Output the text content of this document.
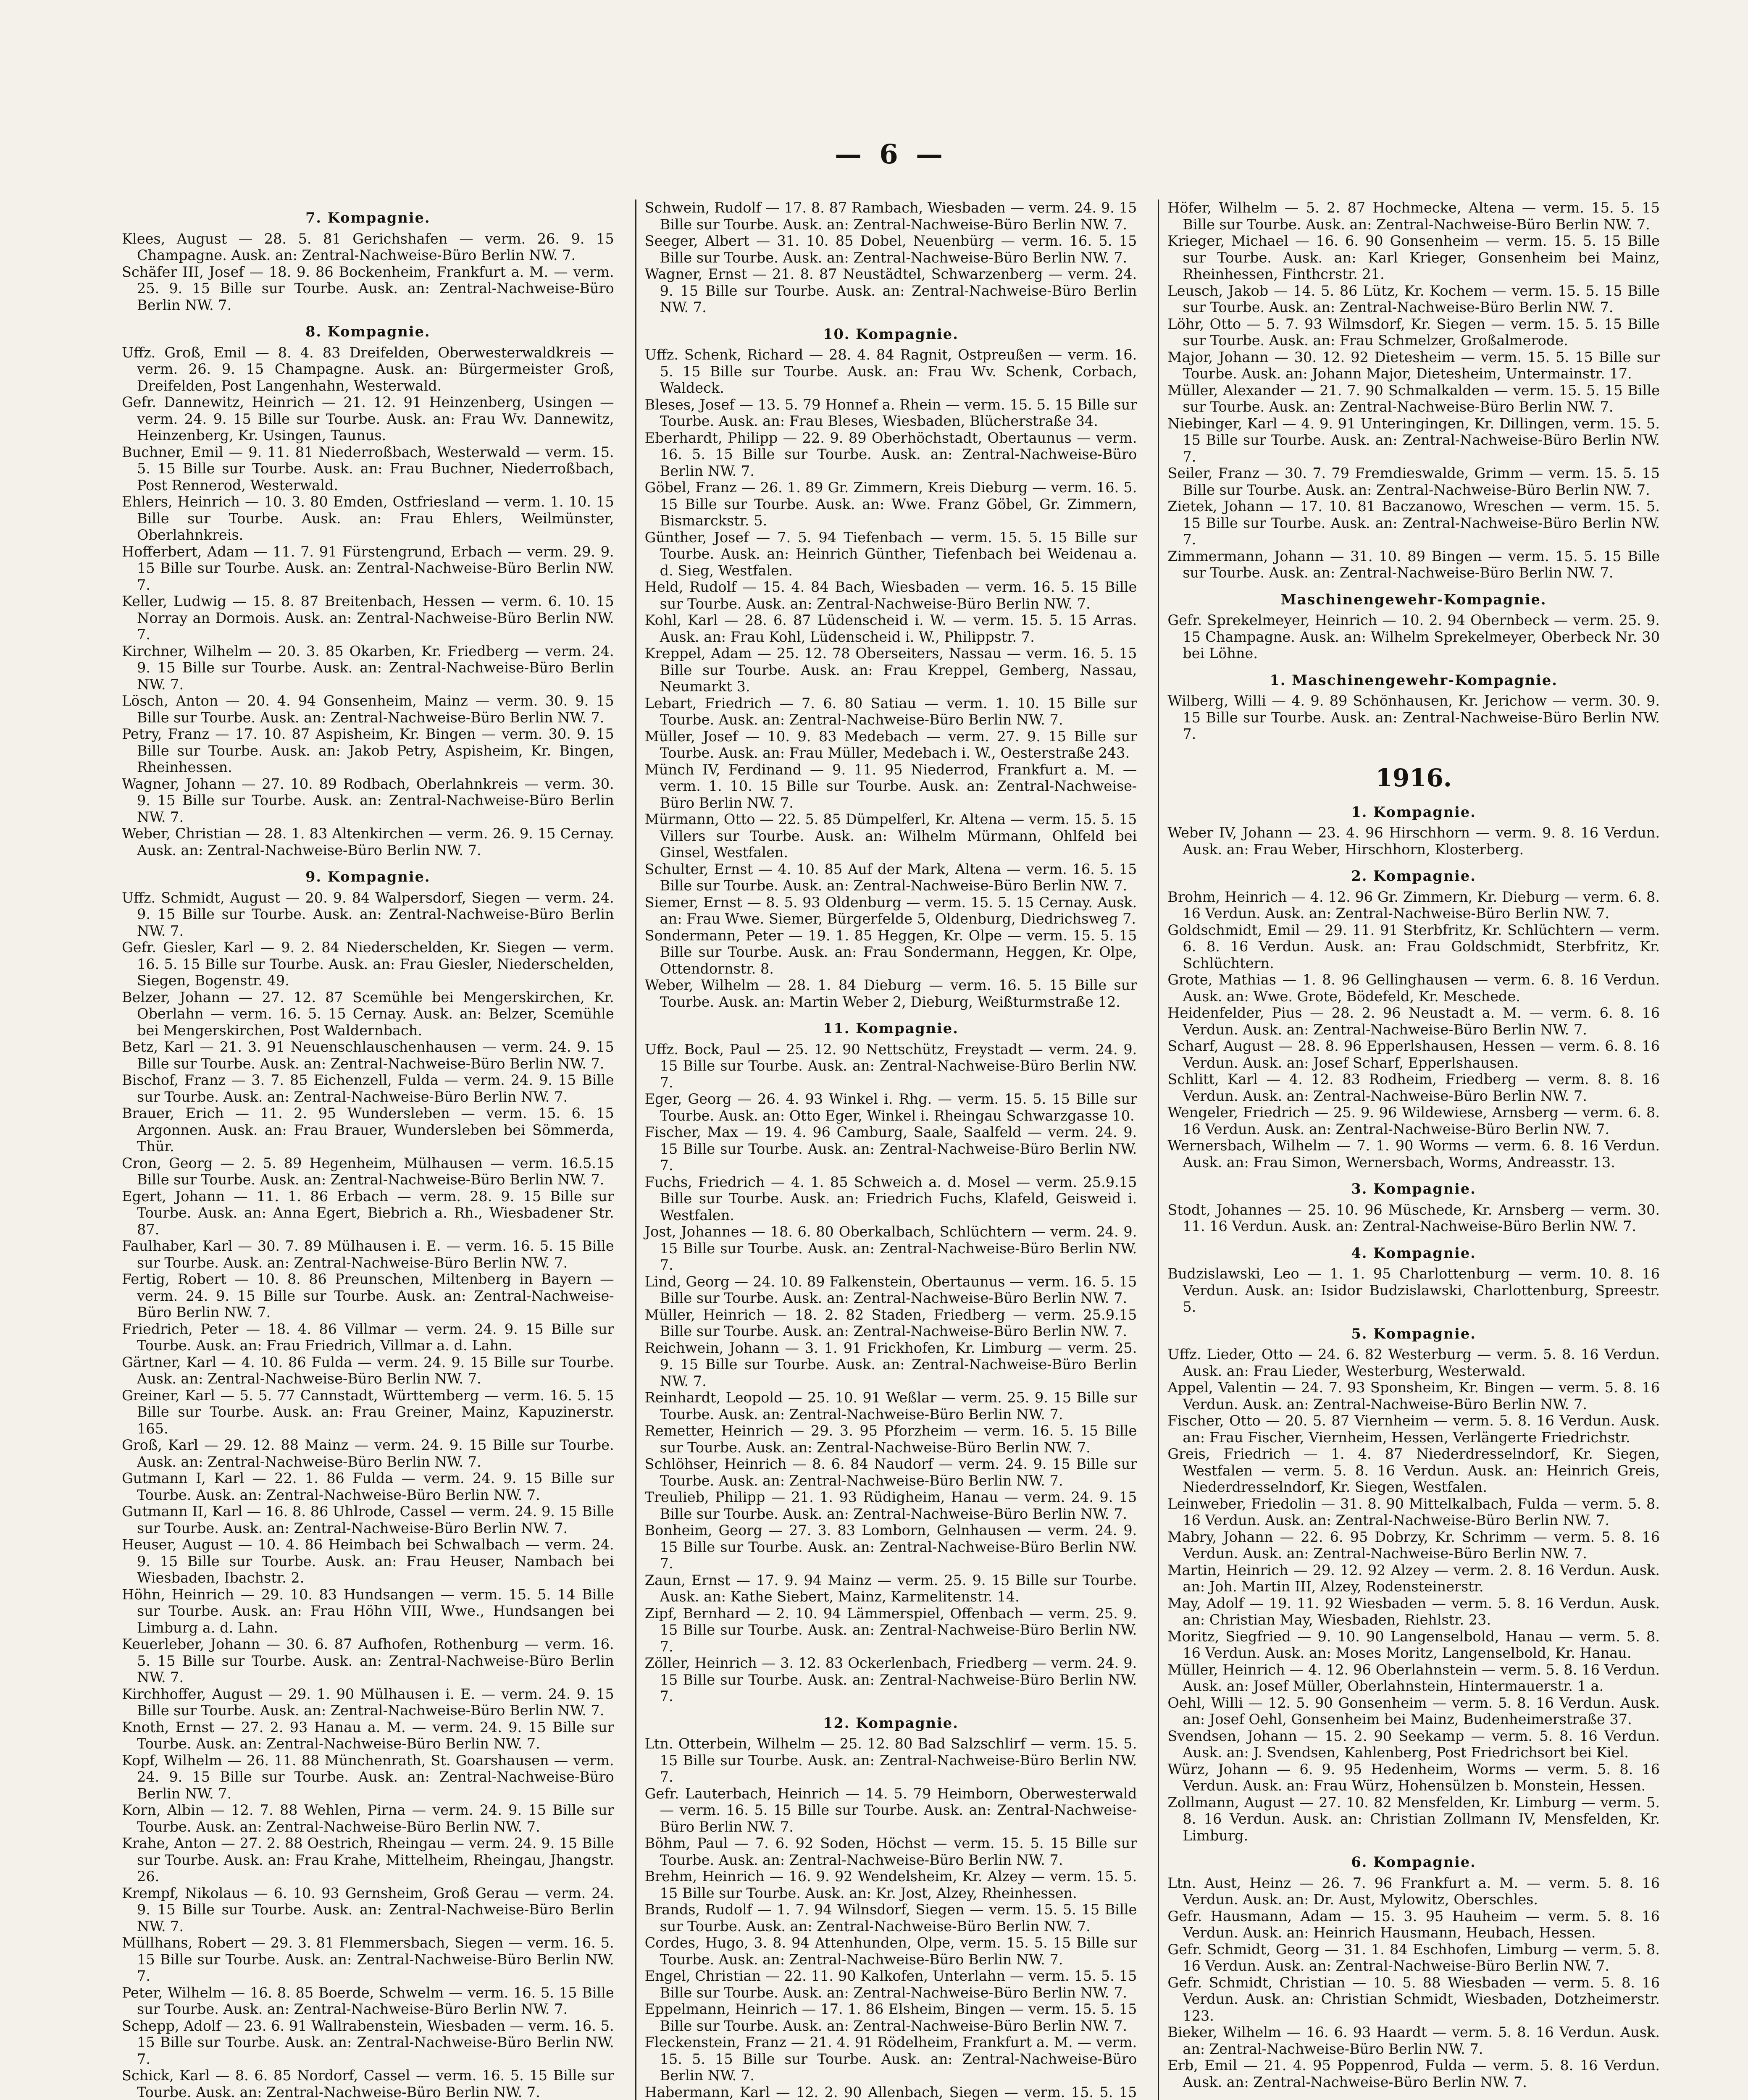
— 6 —

7. Kompagnie.

Klees, August — 28. 5. 81 Gerichshafen — verm. 26. 9. 15 Champagne. Ausk. an: Zentral-Nachweise-Büro Berlin NW. 7.

Schäfer III, Josef — 18. 9. 86 Bockenheim, Frankfurt a. M. — verm. 25. 9. 15 Bille sur Tourbe. Ausk. an: Zentral-Nachweise-Büro Berlin NW. 7.

8. Kompagnie.

Uffz. Groß, Emil — 8. 4. 83 Dreifelden, Oberwesterwaldkreis — verm. 26. 9. 15 Champagne. Ausk. an: Bürgermeister Groß, Dreifelden, Post Langenhahn, Westerwald.

Gefr. Dannewitz, Heinrich — 21. 12. 91 Heinzenberg, Usingen — verm. 24. 9. 15 Bille sur Tourbe. Ausk. an: Frau Wv. Dannewitz, Heinzenberg, Kr. Usingen, Taunus.

Buchner, Emil — 9. 11. 81 Niederroßbach, Westerwald — verm. 15. 5. 15 Bille sur Tourbe. Ausk. an: Frau Buchner, Niederroßbach, Post Rennerod, Westerwald.

Ehlers, Heinrich — 10. 3. 80 Emden, Ostfriesland — verm. 1. 10. 15 Bille sur Tourbe. Ausk. an: Frau Ehlers, Weilmünster, Oberlahnkreis.

Hofferbert, Adam — 11. 7. 91 Fürstengrund, Erbach — verm. 29. 9. 15 Bille sur Tourbe. Ausk. an: Zentral-Nachweise-Büro Berlin NW. 7.

Keller, Ludwig — 15. 8. 87 Breitenbach, Hessen — verm. 6. 10. 15 Norray an Dormois. Ausk. an: Zentral-Nachweise-Büro Berlin NW. 7.

Kirchner, Wilhelm — 20. 3. 85 Okarben, Kr. Friedberg — verm. 24. 9. 15 Bille sur Tourbe. Ausk. an: Zentral-Nachweise-Büro Berlin NW. 7.

Lösch, Anton — 20. 4. 94 Gonsenheim, Mainz — verm. 30. 9. 15 Bille sur Tourbe. Ausk. an: Zentral-Nachweise-Büro Berlin NW. 7.

Petry, Franz — 17. 10. 87 Aspisheim, Kr. Bingen — verm. 30. 9. 15 Bille sur Tourbe. Ausk. an: Jakob Petry, Aspisheim, Kr. Bingen, Rheinhessen.

Wagner, Johann — 27. 10. 89 Rodbach, Oberlahnkreis — verm. 30. 9. 15 Bille sur Tourbe. Ausk. an: Zentral-Nachweise-Büro Berlin NW. 7.

Weber, Christian — 28. 1. 83 Altenkirchen — verm. 26. 9. 15 Cernay. Ausk. an: Zentral-Nachweise-Büro Berlin NW. 7.

9. Kompagnie.

Uffz. Schmidt, August — 20. 9. 84 Walpersdorf, Siegen — verm. 24. 9. 15 Bille sur Tourbe. Ausk. an: Zentral-Nachweise-Büro Berlin NW. 7.

Gefr. Giesler, Karl — 9. 2. 84 Niederschelden, Kr. Siegen — verm. 16. 5. 15 Bille sur Tourbe. Ausk. an: Frau Giesler, Niederschelden, Siegen, Bogenstr. 49.

Belzer, Johann — 27. 12. 87 Scemühle bei Mengerskirchen, Kr. Oberlahn — verm. 16. 5. 15 Cernay. Ausk. an: Belzer, Scemühle bei Mengerskirchen, Post Waldernbach.

Betz, Karl — 21. 3. 91 Neuenschlauschenhausen — verm. 24. 9. 15 Bille sur Tourbe. Ausk. an: Zentral-Nachweise-Büro Berlin NW. 7.

Bischof, Franz — 3. 7. 85 Eichenzell, Fulda — verm. 24. 9. 15 Bille sur Tourbe. Ausk. an: Zentral-Nachweise-Büro Berlin NW. 7.

Brauer, Erich — 11. 2. 95 Wundersleben — verm. 15. 6. 15 Argonnen. Ausk. an: Frau Brauer, Wundersleben bei Sömmerda, Thür.

Cron, Georg — 2. 5. 89 Hegenheim, Mülhausen — verm. 16.5.15 Bille sur Tourbe. Ausk. an: Zentral-Nachweise-Büro Berlin NW. 7.

Egert, Johann — 11. 1. 86 Erbach — verm. 28. 9. 15 Bille sur Tourbe. Ausk. an: Anna Egert, Biebrich a. Rh., Wiesbadener Str. 87.

Faulhaber, Karl — 30. 7. 89 Mülhausen i. E. — verm. 16. 5. 15 Bille sur Tourbe. Ausk. an: Zentral-Nachweise-Büro Berlin NW. 7.

Fertig, Robert — 10. 8. 86 Preunschen, Miltenberg in Bayern — verm. 24. 9. 15 Bille sur Tourbe. Ausk. an: Zentral-Nachweise-Büro Berlin NW. 7.

Friedrich, Peter — 18. 4. 86 Villmar — verm. 24. 9. 15 Bille sur Tourbe. Ausk. an: Frau Friedrich, Villmar a. d. Lahn.

Gärtner, Karl — 4. 10. 86 Fulda — verm. 24. 9. 15 Bille sur Tourbe. Ausk. an: Zentral-Nachweise-Büro Berlin NW. 7.

Greiner, Karl — 5. 5. 77 Cannstadt, Württemberg — verm. 16. 5. 15 Bille sur Tourbe. Ausk. an: Frau Greiner, Mainz, Kapuzinerstr. 165.

Groß, Karl — 29. 12. 88 Mainz — verm. 24. 9. 15 Bille sur Tourbe. Ausk. an: Zentral-Nachweise-Büro Berlin NW. 7.

Gutmann I, Karl — 22. 1. 86 Fulda — verm. 24. 9. 15 Bille sur Tourbe. Ausk. an: Zentral-Nachweise-Büro Berlin NW. 7.

Gutmann II, Karl — 16. 8. 86 Uhlrode, Cassel — verm. 24. 9. 15 Bille sur Tourbe. Ausk. an: Zentral-Nachweise-Büro Berlin NW. 7.

Heuser, August — 10. 4. 86 Heimbach bei Schwalbach — verm. 24. 9. 15 Bille sur Tourbe. Ausk. an: Frau Heuser, Nambach bei Wiesbaden, Ibachstr. 2.

Höhn, Heinrich — 29. 10. 83 Hundsangen — verm. 15. 5. 14 Bille sur Tourbe. Ausk. an: Frau Höhn VIII, Wwe., Hundsangen bei Limburg a. d. Lahn.

Keuerleber, Johann — 30. 6. 87 Aufhofen, Rothenburg — verm. 16. 5. 15 Bille sur Tourbe. Ausk. an: Zentral-Nachweise-Büro Berlin NW. 7.

Kirchhoffer, August — 29. 1. 90 Mülhausen i. E. — verm. 24. 9. 15 Bille sur Tourbe. Ausk. an: Zentral-Nachweise-Büro Berlin NW. 7.

Knoth, Ernst — 27. 2. 93 Hanau a. M. — verm. 24. 9. 15 Bille sur Tourbe. Ausk. an: Zentral-Nachweise-Büro Berlin NW. 7.

Kopf, Wilhelm — 26. 11. 88 Münchenrath, St. Goarshausen — verm. 24. 9. 15 Bille sur Tourbe. Ausk. an: Zentral-Nachweise-Büro Berlin NW. 7.

Korn, Albin — 12. 7. 88 Wehlen, Pirna — verm. 24. 9. 15 Bille sur Tourbe. Ausk. an: Zentral-Nachweise-Büro Berlin NW. 7.

Krahe, Anton — 27. 2. 88 Oestrich, Rheingau — verm. 24. 9. 15 Bille sur Tourbe. Ausk. an: Frau Krahe, Mittelheim, Rheingau, Jhangstr. 26.

Krempf, Nikolaus — 6. 10. 93 Gernsheim, Groß Gerau — verm. 24. 9. 15 Bille sur Tourbe. Ausk. an: Zentral-Nachweise-Büro Berlin NW. 7.

Müllhans, Robert — 29. 3. 81 Flemmersbach, Siegen — verm. 16. 5. 15 Bille sur Tourbe. Ausk. an: Zentral-Nachweise-Büro Berlin NW. 7.

Peter, Wilhelm — 16. 8. 85 Boerde, Schwelm — verm. 16. 5. 15 Bille sur Tourbe. Ausk. an: Zentral-Nachweise-Büro Berlin NW. 7.

Schepp, Adolf — 23. 6. 91 Wallrabenstein, Wiesbaden — verm. 16. 5. 15 Bille sur Tourbe. Ausk. an: Zentral-Nachweise-Büro Berlin NW. 7.

Schick, Karl — 8. 6. 85 Nordorf, Cassel — verm. 16. 5. 15 Bille sur Tourbe. Ausk. an: Zentral-Nachweise-Büro Berlin NW. 7.

Schwein, Rudolf — 17. 8. 87 Rambach, Wiesbaden — verm. 24. 9. 15 Bille sur Tourbe. Ausk. an: Zentral-Nachweise-Büro Berlin NW. 7.

Seeger, Albert — 31. 10. 85 Dobel, Neuenbürg — verm. 16. 5. 15 Bille sur Tourbe. Ausk. an: Zentral-Nachweise-Büro Berlin NW. 7.

Wagner, Ernst — 21. 8. 87 Neustädtel, Schwarzenberg — verm. 24. 9. 15 Bille sur Tourbe. Ausk. an: Zentral-Nachweise-Büro Berlin NW. 7.

10. Kompagnie.

Uffz. Schenk, Richard — 28. 4. 84 Ragnit, Ostpreußen — verm. 16. 5. 15 Bille sur Tourbe. Ausk. an: Frau Wv. Schenk, Corbach, Waldeck.

Bleses, Josef — 13. 5. 79 Honnef a. Rhein — verm. 15. 5. 15 Bille sur Tourbe. Ausk. an: Frau Bleses, Wiesbaden, Blücherstraße 34.

Eberhardt, Philipp — 22. 9. 89 Oberhöchstadt, Obertaunus — verm. 16. 5. 15 Bille sur Tourbe. Ausk. an: Zentral-Nachweise-Büro Berlin NW. 7.

Göbel, Franz — 26. 1. 89 Gr. Zimmern, Kreis Dieburg — verm. 16. 5. 15 Bille sur Tourbe. Ausk. an: Wwe. Franz Göbel, Gr. Zimmern, Bismarckstr. 5.

Günther, Josef — 7. 5. 94 Tiefenbach — verm. 15. 5. 15 Bille sur Tourbe. Ausk. an: Heinrich Günther, Tiefenbach bei Weidenau a. d. Sieg, Westfalen.

Held, Rudolf — 15. 4. 84 Bach, Wiesbaden — verm. 16. 5. 15 Bille sur Tourbe. Ausk. an: Zentral-Nachweise-Büro Berlin NW. 7.

Kohl, Karl — 28. 6. 87 Lüdenscheid i. W. — verm. 15. 5. 15 Arras. Ausk. an: Frau Kohl, Lüdenscheid i. W., Philippstr. 7.

Kreppel, Adam — 25. 12. 78 Oberseiters, Nassau — verm. 16. 5. 15 Bille sur Tourbe. Ausk. an: Frau Kreppel, Gemberg, Nassau, Neumarkt 3.

Lebart, Friedrich — 7. 6. 80 Satiau — verm. 1. 10. 15 Bille sur Tourbe. Ausk. an: Zentral-Nachweise-Büro Berlin NW. 7.

Müller, Josef — 10. 9. 83 Medebach — verm. 27. 9. 15 Bille sur Tourbe. Ausk. an: Frau Müller, Medebach i. W., Oesterstraße 243.

Münch IV, Ferdinand — 9. 11. 95 Niederrod, Frankfurt a. M. — verm. 1. 10. 15 Bille sur Tourbe. Ausk. an: Zentral-Nachweise-Büro Berlin NW. 7.

Mürmann, Otto — 22. 5. 85 Dümpelferl, Kr. Altena — verm. 15. 5. 15 Villers sur Tourbe. Ausk. an: Wilhelm Mürmann, Ohlfeld bei Ginsel, Westfalen.

Schulter, Ernst — 4. 10. 85 Auf der Mark, Altena — verm. 16. 5. 15 Bille sur Tourbe. Ausk. an: Zentral-Nachweise-Büro Berlin NW. 7.

Siemer, Ernst — 8. 5. 93 Oldenburg — verm. 15. 5. 15 Cernay. Ausk. an: Frau Wwe. Siemer, Bürgerfelde 5, Oldenburg, Diedrichsweg 7.

Sondermann, Peter — 19. 1. 85 Heggen, Kr. Olpe — verm. 15. 5. 15 Bille sur Tourbe. Ausk. an: Frau Sondermann, Heggen, Kr. Olpe, Ottendornstr. 8.

Weber, Wilhelm — 28. 1. 84 Dieburg — verm. 16. 5. 15 Bille sur Tourbe. Ausk. an: Martin Weber 2, Dieburg, Weißturmstraße 12.

11. Kompagnie.

Uffz. Bock, Paul — 25. 12. 90 Nettschütz, Freystadt — verm. 24. 9. 15 Bille sur Tourbe. Ausk. an: Zentral-Nachweise-Büro Berlin NW. 7.

Eger, Georg — 26. 4. 93 Winkel i. Rhg. — verm. 15. 5. 15 Bille sur Tourbe. Ausk. an: Otto Eger, Winkel i. Rheingau Schwarzgasse 10.

Fischer, Max — 19. 4. 96 Camburg, Saale, Saalfeld — verm. 24. 9. 15 Bille sur Tourbe. Ausk. an: Zentral-Nachweise-Büro Berlin NW. 7.

Fuchs, Friedrich — 4. 1. 85 Schweich a. d. Mosel — verm. 25.9.15 Bille sur Tourbe. Ausk. an: Friedrich Fuchs, Klafeld, Geisweid i. Westfalen.

Jost, Johannes — 18. 6. 80 Oberkalbach, Schlüchtern — verm. 24. 9. 15 Bille sur Tourbe. Ausk. an: Zentral-Nachweise-Büro Berlin NW. 7.

Lind, Georg — 24. 10. 89 Falkenstein, Obertaunus — verm. 16. 5. 15 Bille sur Tourbe. Ausk. an: Zentral-Nachweise-Büro Berlin NW. 7.

Müller, Heinrich — 18. 2. 82 Staden, Friedberg — verm. 25.9.15 Bille sur Tourbe. Ausk. an: Zentral-Nachweise-Büro Berlin NW. 7.

Reichwein, Johann — 3. 1. 91 Frickhofen, Kr. Limburg — verm. 25. 9. 15 Bille sur Tourbe. Ausk. an: Zentral-Nachweise-Büro Berlin NW. 7.

Reinhardt, Leopold — 25. 10. 91 Weßlar — verm. 25. 9. 15 Bille sur Tourbe. Ausk. an: Zentral-Nachweise-Büro Berlin NW. 7.

Remetter, Heinrich — 29. 3. 95 Pforzheim — verm. 16. 5. 15 Bille sur Tourbe. Ausk. an: Zentral-Nachweise-Büro Berlin NW. 7.

Schlöhser, Heinrich — 8. 6. 84 Naudorf — verm. 24. 9. 15 Bille sur Tourbe. Ausk. an: Zentral-Nachweise-Büro Berlin NW. 7.

Treulieb, Philipp — 21. 1. 93 Rüdigheim, Hanau — verm. 24. 9. 15 Bille sur Tourbe. Ausk. an: Zentral-Nachweise-Büro Berlin NW. 7.

Bonheim, Georg — 27. 3. 83 Lomborn, Gelnhausen — verm. 24. 9. 15 Bille sur Tourbe. Ausk. an: Zentral-Nachweise-Büro Berlin NW. 7.

Zaun, Ernst — 17. 9. 94 Mainz — verm. 25. 9. 15 Bille sur Tourbe. Ausk. an: Kathe Siebert, Mainz, Karmelitenstr. 14.

Zipf, Bernhard — 2. 10. 94 Lämmerspiel, Offenbach — verm. 25. 9. 15 Bille sur Tourbe. Ausk. an: Zentral-Nachweise-Büro Berlin NW. 7.

Zöller, Heinrich — 3. 12. 83 Ockerlenbach, Friedberg — verm. 24. 9. 15 Bille sur Tourbe. Ausk. an: Zentral-Nachweise-Büro Berlin NW. 7.

12. Kompagnie.

Ltn. Otterbein, Wilhelm — 25. 12. 80 Bad Salzschlirf — verm. 15. 5. 15 Bille sur Tourbe. Ausk. an: Zentral-Nachweise-Büro Berlin NW. 7.

Gefr. Lauterbach, Heinrich — 14. 5. 79 Heimborn, Oberwesterwald — verm. 16. 5. 15 Bille sur Tourbe. Ausk. an: Zentral-Nachweise-Büro Berlin NW. 7.

Böhm, Paul — 7. 6. 92 Soden, Höchst — verm. 15. 5. 15 Bille sur Tourbe. Ausk. an: Zentral-Nachweise-Büro Berlin NW. 7.

Brehm, Heinrich — 16. 9. 92 Wendelsheim, Kr. Alzey — verm. 15. 5. 15 Bille sur Tourbe. Ausk. an: Kr. Jost, Alzey, Rheinhessen.

Brands, Rudolf — 1. 7. 94 Wilnsdorf, Siegen — verm. 15. 5. 15 Bille sur Tourbe. Ausk. an: Zentral-Nachweise-Büro Berlin NW. 7.

Cordes, Hugo, 3. 8. 94 Attenhunden, Olpe, verm. 15. 5. 15 Bille sur Tourbe. Ausk. an: Zentral-Nachweise-Büro Berlin NW. 7.

Engel, Christian — 22. 11. 90 Kalkofen, Unterlahn — verm. 15. 5. 15 Bille sur Tourbe. Ausk. an: Zentral-Nachweise-Büro Berlin NW. 7.

Eppelmann, Heinrich — 17. 1. 86 Elsheim, Bingen — verm. 15. 5. 15 Bille sur Tourbe. Ausk. an: Zentral-Nachweise-Büro Berlin NW. 7.

Fleckenstein, Franz — 21. 4. 91 Rödelheim, Frankfurt a. M. — verm. 15. 5. 15 Bille sur Tourbe. Ausk. an: Zentral-Nachweise-Büro Berlin NW. 7.

Habermann, Karl — 12. 2. 90 Allenbach, Siegen — verm. 15. 5. 15

Höfer, Wilhelm — 5. 2. 87 Hochmecke, Altena — verm. 15. 5. 15 Bille sur Tourbe. Ausk. an: Zentral-Nachweise-Büro Berlin NW. 7.

Krieger, Michael — 16. 6. 90 Gonsenheim — verm. 15. 5. 15 Bille sur Tourbe. Ausk. an: Karl Krieger, Gonsenheim bei Mainz, Rheinhessen, Finthcrstr. 21.

Leusch, Jakob — 14. 5. 86 Lütz, Kr. Kochem — verm. 15. 5. 15 Bille sur Tourbe. Ausk. an: Zentral-Nachweise-Büro Berlin NW. 7.

Löhr, Otto — 5. 7. 93 Wilmsdorf, Kr. Siegen — verm. 15. 5. 15 Bille sur Tourbe. Ausk. an: Frau Schmelzer, Großalmerode.

Major, Johann — 30. 12. 92 Dietesheim — verm. 15. 5. 15 Bille sur Tourbe. Ausk. an: Johann Major, Dietesheim, Untermainstr. 17.

Müller, Alexander — 21. 7. 90 Schmalkalden — verm. 15. 5. 15 Bille sur Tourbe. Ausk. an: Zentral-Nachweise-Büro Berlin NW. 7.

Niebinger, Karl — 4. 9. 91 Unteringingen, Kr. Dillingen, verm. 15. 5. 15 Bille sur Tourbe. Ausk. an: Zentral-Nachweise-Büro Berlin NW. 7.

Seiler, Franz — 30. 7. 79 Fremdieswalde, Grimm — verm. 15. 5. 15 Bille sur Tourbe. Ausk. an: Zentral-Nachweise-Büro Berlin NW. 7.

Zietek, Johann — 17. 10. 81 Baczanowo, Wreschen — verm. 15. 5. 15 Bille sur Tourbe. Ausk. an: Zentral-Nachweise-Büro Berlin NW. 7.

Zimmermann, Johann — 31. 10. 89 Bingen — verm. 15. 5. 15 Bille sur Tourbe. Ausk. an: Zentral-Nachweise-Büro Berlin NW. 7.

Maschinengewehr-Kompagnie.

Gefr. Sprekelmeyer, Heinrich — 10. 2. 94 Obernbeck — verm. 25. 9. 15 Champagne. Ausk. an: Wilhelm Sprekelmeyer, Oberbeck Nr. 30 bei Löhne.

1. Maschinengewehr-Kompagnie.

Wilberg, Willi — 4. 9. 89 Schönhausen, Kr. Jerichow — verm. 30. 9. 15 Bille sur Tourbe. Ausk. an: Zentral-Nachweise-Büro Berlin NW. 7.

1916.

1. Kompagnie.

Weber IV, Johann — 23. 4. 96 Hirschhorn — verm. 9. 8. 16 Verdun. Ausk. an: Frau Weber, Hirschhorn, Klosterberg.

2. Kompagnie.

Brohm, Heinrich — 4. 12. 96 Gr. Zimmern, Kr. Dieburg — verm. 6. 8. 16 Verdun. Ausk. an: Zentral-Nachweise-Büro Berlin NW. 7.

Goldschmidt, Emil — 29. 11. 91 Sterbfritz, Kr. Schlüchtern — verm. 6. 8. 16 Verdun. Ausk. an: Frau Goldschmidt, Sterbfritz, Kr. Schlüchtern.

Grote, Mathias — 1. 8. 96 Gellinghausen — verm. 6. 8. 16 Verdun. Ausk. an: Wwe. Grote, Bödefeld, Kr. Meschede.

Heidenfelder, Pius — 28. 2. 96 Neustadt a. M. — verm. 6. 8. 16 Verdun. Ausk. an: Zentral-Nachweise-Büro Berlin NW. 7.

Scharf, August — 28. 8. 96 Epperlshausen, Hessen — verm. 6. 8. 16 Verdun. Ausk. an: Josef Scharf, Epperlshausen.

Schlitt, Karl — 4. 12. 83 Rodheim, Friedberg — verm. 8. 8. 16 Verdun. Ausk. an: Zentral-Nachweise-Büro Berlin NW. 7.

Wengeler, Friedrich — 25. 9. 96 Wildewiese, Arnsberg — verm. 6. 8. 16 Verdun. Ausk. an: Zentral-Nachweise-Büro Berlin NW. 7.

Wernersbach, Wilhelm — 7. 1. 90 Worms — verm. 6. 8. 16 Verdun. Ausk. an: Frau Simon, Wernersbach, Worms, Andreasstr. 13.

3. Kompagnie.

Stodt, Johannes — 25. 10. 96 Müschede, Kr. Arnsberg — verm. 30. 11. 16 Verdun. Ausk. an: Zentral-Nachweise-Büro Berlin NW. 7.

4. Kompagnie.

Budzislawski, Leo — 1. 1. 95 Charlottenburg — verm. 10. 8. 16 Verdun. Ausk. an: Isidor Budzislawski, Charlottenburg, Spreestr. 5.

5. Kompagnie.

Uffz. Lieder, Otto — 24. 6. 82 Westerburg — verm. 5. 8. 16 Verdun. Ausk. an: Frau Lieder, Westerburg, Westerwald.

Appel, Valentin — 24. 7. 93 Sponsheim, Kr. Bingen — verm. 5. 8. 16 Verdun. Ausk. an: Zentral-Nachweise-Büro Berlin NW. 7.

Fischer, Otto — 20. 5. 87 Viernheim — verm. 5. 8. 16 Verdun. Ausk. an: Frau Fischer, Viernheim, Hessen, Verlängerte Friedrichstr.

Greis, Friedrich — 1. 4. 87 Niederdresselndorf, Kr. Siegen, Westfalen — verm. 5. 8. 16 Verdun. Ausk. an: Heinrich Greis, Niederdresselndorf, Kr. Siegen, Westfalen.

Leinweber, Friedolin — 31. 8. 90 Mittelkalbach, Fulda — verm. 5. 8. 16 Verdun. Ausk. an: Zentral-Nachweise-Büro Berlin NW. 7.

Mabry, Johann — 22. 6. 95 Dobrzy, Kr. Schrimm — verm. 5. 8. 16 Verdun. Ausk. an: Zentral-Nachweise-Büro Berlin NW. 7.

Martin, Heinrich — 29. 12. 92 Alzey — verm. 2. 8. 16 Verdun. Ausk. an: Joh. Martin III, Alzey, Rodensteinerstr.

May, Adolf — 19. 11. 92 Wiesbaden — verm. 5. 8. 16 Verdun. Ausk. an: Christian May, Wiesbaden, Riehlstr. 23.

Moritz, Siegfried — 9. 10. 90 Langenselbold, Hanau — verm. 5. 8. 16 Verdun. Ausk. an: Moses Moritz, Langenselbold, Kr. Hanau.

Müller, Heinrich — 4. 12. 96 Oberlahnstein — verm. 5. 8. 16 Verdun. Ausk. an: Josef Müller, Oberlahnstein, Hintermauerstr. 1 a.

Oehl, Willi — 12. 5. 90 Gonsenheim — verm. 5. 8. 16 Verdun. Ausk. an: Josef Oehl, Gonsenheim bei Mainz, Budenheimerstraße 37.

Svendsen, Johann — 15. 2. 90 Seekamp — verm. 5. 8. 16 Verdun. Ausk. an: J. Svendsen, Kahlenberg, Post Friedrichsort bei Kiel.

Würz, Johann — 6. 9. 95 Hedenheim, Worms — verm. 5. 8. 16 Verdun. Ausk. an: Frau Würz, Hohensülzen b. Monstein, Hessen.

Zollmann, August — 27. 10. 82 Mensfelden, Kr. Limburg — verm. 5. 8. 16 Verdun. Ausk. an: Christian Zollmann IV, Mensfelden, Kr. Limburg.

6. Kompagnie.

Ltn. Aust, Heinz — 26. 7. 96 Frankfurt a. M. — verm. 5. 8. 16 Verdun. Ausk. an: Dr. Aust, Mylowitz, Oberschles.

Gefr. Hausmann, Adam — 15. 3. 95 Hauheim — verm. 5. 8. 16 Verdun. Ausk. an: Heinrich Hausmann, Heubach, Hessen.

Gefr. Schmidt, Georg — 31. 1. 84 Eschhofen, Limburg — verm. 5. 8. 16 Verdun. Ausk. an: Zentral-Nachweise-Büro Berlin NW. 7.

Gefr. Schmidt, Christian — 10. 5. 88 Wiesbaden — verm. 5. 8. 16 Verdun. Ausk. an: Christian Schmidt, Wiesbaden, Dotzheimerstr. 123.

Bieker, Wilhelm — 16. 6. 93 Haardt — verm. 5. 8. 16 Verdun. Ausk. an: Zentral-Nachweise-Büro Berlin NW. 7.

Erb, Emil — 21. 4. 95 Poppenrod, Fulda — verm. 5. 8. 16 Verdun. Ausk. an: Zentral-Nachweise-Büro Berlin NW. 7.
